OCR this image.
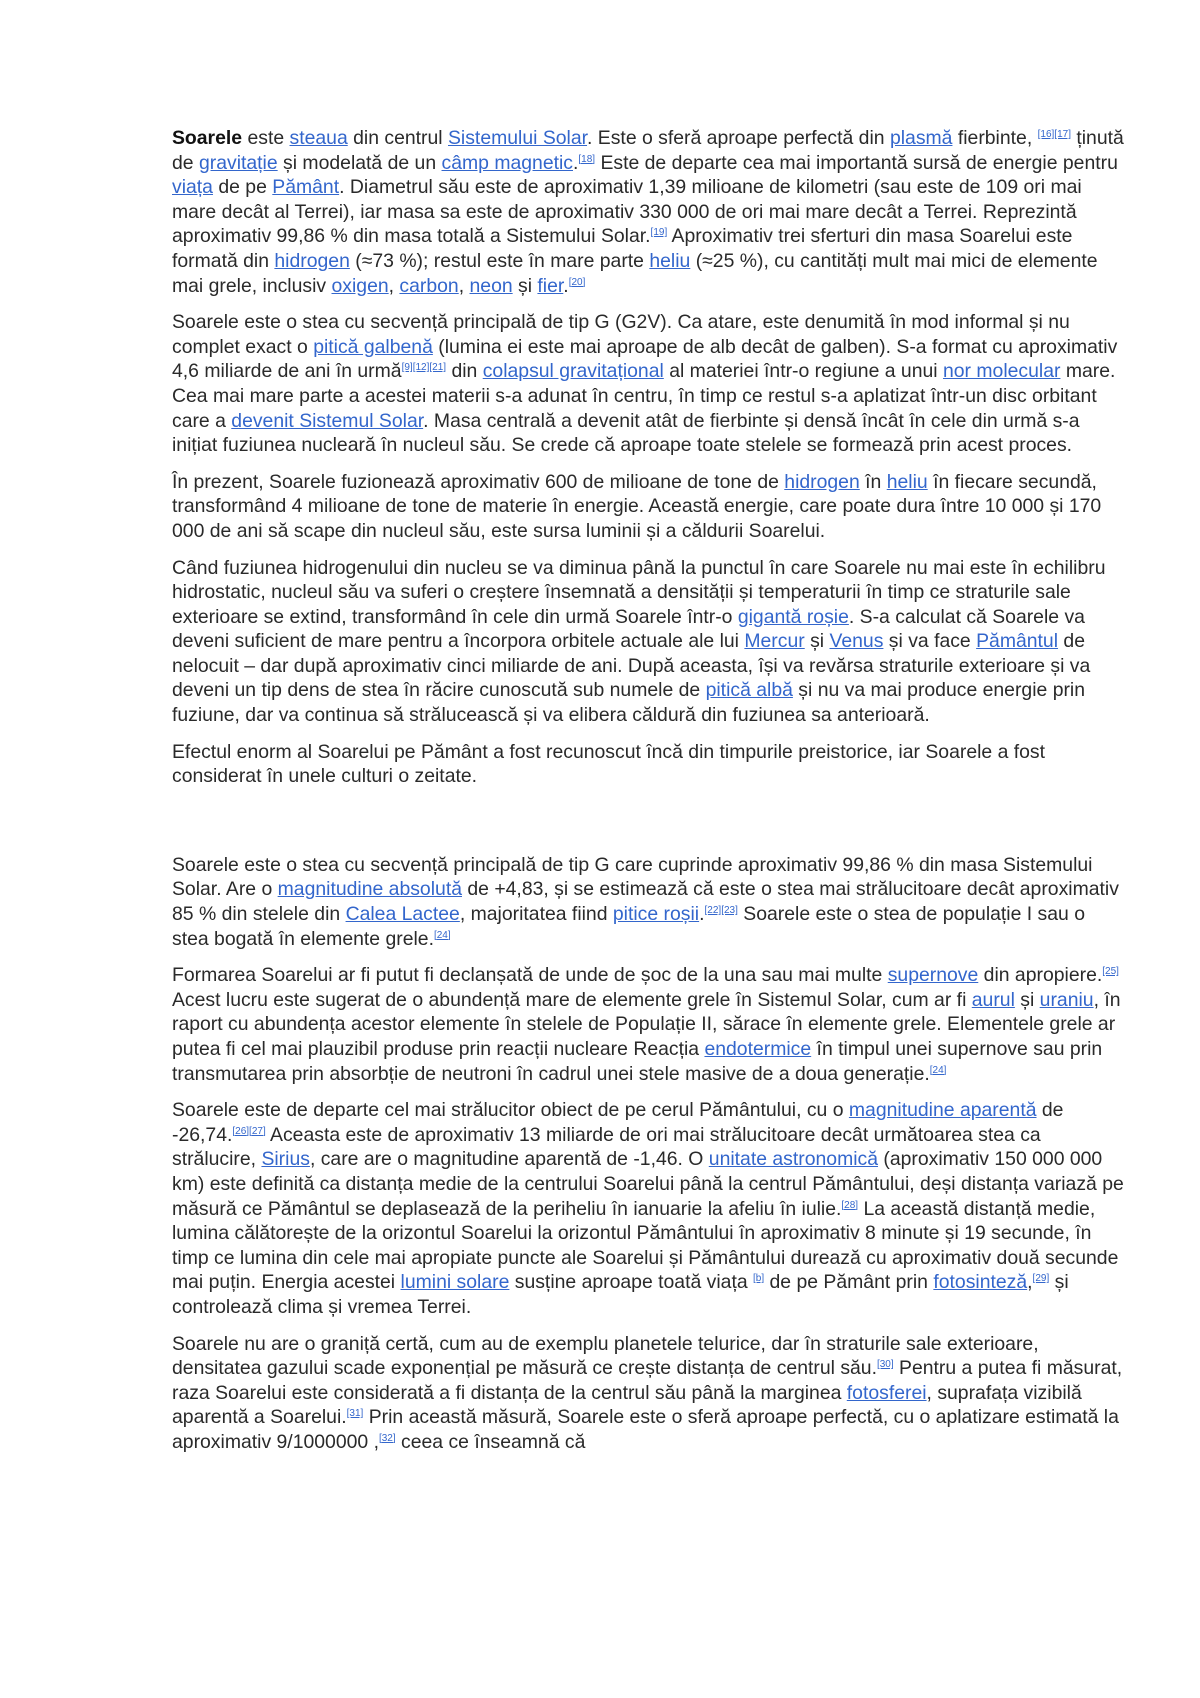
Soarele este steaua din centrul Sistemului Solar. Este o sferă aproape perfectă din plasmă fierbinte, [16][17] ținută de gravitație și modelată de un câmp magnetic.[18] Este de departe cea mai importantă sursă de energie pentru viața de pe Pământ. Diametrul său este de aproximativ 1,39 milioane de kilometri (sau este de 109 ori mai mare decât al Terrei), iar masa sa este de aproximativ 330 000 de ori mai mare decât a Terrei. Reprezintă aproximativ 99,86 % din masa totală a Sistemului Solar.[19] Aproximativ trei sferturi din masa Soarelui este formată din hidrogen (≈73 %); restul este în mare parte heliu (≈25 %), cu cantități mult mai mici de elemente mai grele, inclusiv oxigen, carbon, neon și fier.[20]

Soarele este o stea cu secvență principală de tip G (G2V). Ca atare, este denumită în mod informal și nu complet exact o pitică galbenă (lumina ei este mai aproape de alb decât de galben). S-a format cu aproximativ 4,6 miliarde de ani în urmă[9][12][21] din colapsul gravitațional al materiei într-o regiune a unui nor molecular mare. Cea mai mare parte a acestei materii s-a adunat în centru, în timp ce restul s-a aplatizat într-un disc orbitant care a devenit Sistemul Solar. Masa centrală a devenit atât de fierbinte și densă încât în cele din urmă s-a inițiat fuziunea nucleară în nucleul său. Se crede că aproape toate stelele se formează prin acest proces.

În prezent, Soarele fuzionează aproximativ 600 de milioane de tone de hidrogen în heliu în fiecare secundă, transformând 4 milioane de tone de materie în energie. Această energie, care poate dura între 10 000 și 170 000 de ani să scape din nucleul său, este sursa luminii și a căldurii Soarelui.

Când fuziunea hidrogenului din nucleu se va diminua până la punctul în care Soarele nu mai este în echilibru hidrostatic, nucleul său va suferi o creștere însemnată a densității și temperaturii în timp ce straturile sale exterioare se extind, transformând în cele din urmă Soarele într-o gigantă roșie. S-a calculat că Soarele va deveni suficient de mare pentru a încorpora orbitele actuale ale lui Mercur și Venus și va face Pământul de nelocuit – dar după aproximativ cinci miliarde de ani. După aceasta, își va revărsa straturile exterioare și va deveni un tip dens de stea în răcire cunoscută sub numele de pitică albă și nu va mai produce energie prin fuziune, dar va continua să strălucească și va elibera căldură din fuziunea sa anterioară.

Efectul enorm al Soarelui pe Pământ a fost recunoscut încă din timpurile preistorice, iar Soarele a fost considerat în unele culturi o zeitate.

Soarele este o stea cu secvență principală de tip G care cuprinde aproximativ 99,86 % din masa Sistemului Solar. Are o magnitudine absolută de +4,83, și se estimează că este o stea mai strălucitoare decât aproximativ 85 % din stelele din Calea Lactee, majoritatea fiind pitice roșii.[22][23] Soarele este o stea de populație I sau o stea bogată în elemente grele.[24]

Formarea Soarelui ar fi putut fi declanșată de unde de șoc de la una sau mai multe supernove din apropiere.[25] Acest lucru este sugerat de o abundență mare de elemente grele în Sistemul Solar, cum ar fi aurul și uraniu, în raport cu abundența acestor elemente în stelele de Populație II, sărace în elemente grele. Elementele grele ar putea fi cel mai plauzibil produse prin reacții nucleare Reacția endotermice în timpul unei supernove sau prin transmutarea prin absorbție de neutroni în cadrul unei stele masive de a doua generație.[24]

Soarele este de departe cel mai strălucitor obiect de pe cerul Pământului, cu o magnitudine aparentă de -26,74.[26][27] Aceasta este de aproximativ 13 miliarde de ori mai strălucitoare decât următoarea stea ca strălucire, Sirius, care are o magnitudine aparentă de -1,46. O unitate astronomică (aproximativ 150 000 000 km) este definită ca distanța medie de la centrului Soarelui până la centrul Pământului, deși distanța variază pe măsură ce Pământul se deplasează de la periheliu în ianuarie la afeliu în iulie.[28] La această distanță medie, lumina călătorește de la orizontul Soarelui la orizontul Pământului în aproximativ 8 minute și 19 secunde, în timp ce lumina din cele mai apropiate puncte ale Soarelui și Pământului durează cu aproximativ două secunde mai puțin. Energia acestei lumini solare susține aproape toată viața [b] de pe Pământ prin fotosinteză,[29] și controlează clima și vremea Terrei.

Soarele nu are o graniță certă, cum au de exemplu planetele telurice, dar în straturile sale exterioare, densitatea gazului scade exponențial pe măsură ce crește distanța de centrul său.[30] Pentru a putea fi măsurat, raza Soarelui este considerată a fi distanța de la centrul său până la marginea fotosferei, suprafața vizibilă aparentă a Soarelui.[31] Prin această măsură, Soarele este o sferă aproape perfectă, cu o aplatizare estimată la aproximativ 9/1000000 ,[32] ceea ce înseamnă că
